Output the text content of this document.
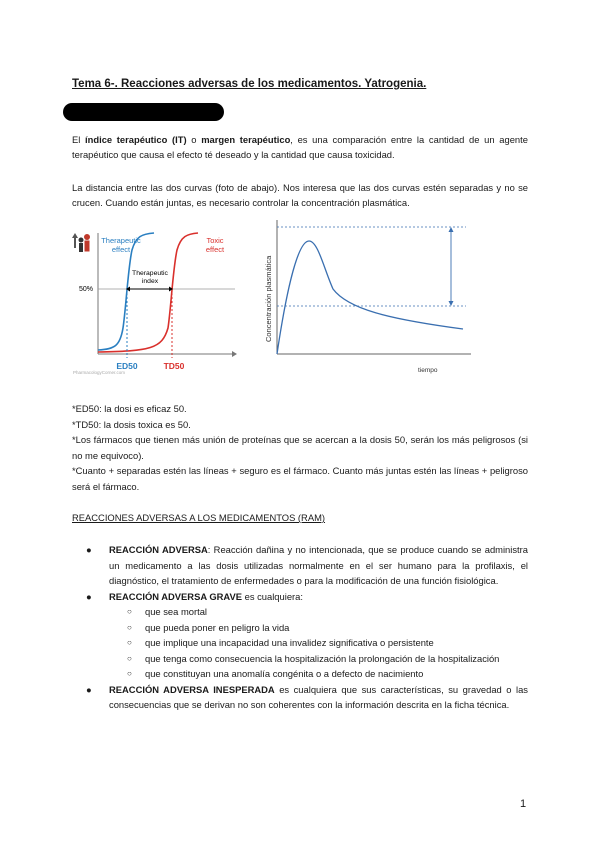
Tema 6-. Reacciones adversas de los medicamentos. Yatrogenia.
El índice terapéutico (IT) o margen terapéutico, es una comparación entre la cantidad de un agente terapéutico que causa el efecto té deseado y la cantidad que causa toxicidad.
La distancia entre las dos curvas (foto de abajo). Nos interesa que las dos curvas estén separadas y no se crucen. Cuando están juntas, es necesario controlar la concentración plasmática.
Therapeutic
effect
Toxic
effect
Therapeutic
index
50%
ED50	TD50
PharmacologyCorner.com
Concentración plasmática
tiempo
*ED50: la dosi es eficaz 50.
*TD50: la dosis toxica es 50.
*Los fármacos que tienen más unión de proteínas que se acercan a la dosis 50, serán los más peligrosos (si no me equivoco).
*Cuanto + separadas estén las líneas + seguro es el fármaco. Cuanto más juntas estén las líneas + peligroso será el fármaco.
REACCIONES ADVERSAS A LOS MEDICAMENTOS (RAM)
● REACCIÓN ADVERSA: Reacción dañina y no intencionada, que se produce cuando se administra un medicamento a las dosis utilizadas normalmente en el ser humano para la profilaxis, el diagnóstico, el tratamiento de enfermedades o para la modificación de una función fisiológica.
● REACCIÓN ADVERSA GRAVE es cualquiera:
○ que sea mortal
○ que pueda poner en peligro la vida
○ que implique una incapacidad una invalidez significativa o persistente
○ que tenga como consecuencia la hospitalización la prolongación de la hospitalización
○ que constituyan una anomalía congénita o a defecto de nacimiento
● REACCIÓN ADVERSA INESPERADA es cualquiera que sus características, su gravedad o las consecuencias que se derivan no son coherentes con la información descrita en la ficha técnica.
1
